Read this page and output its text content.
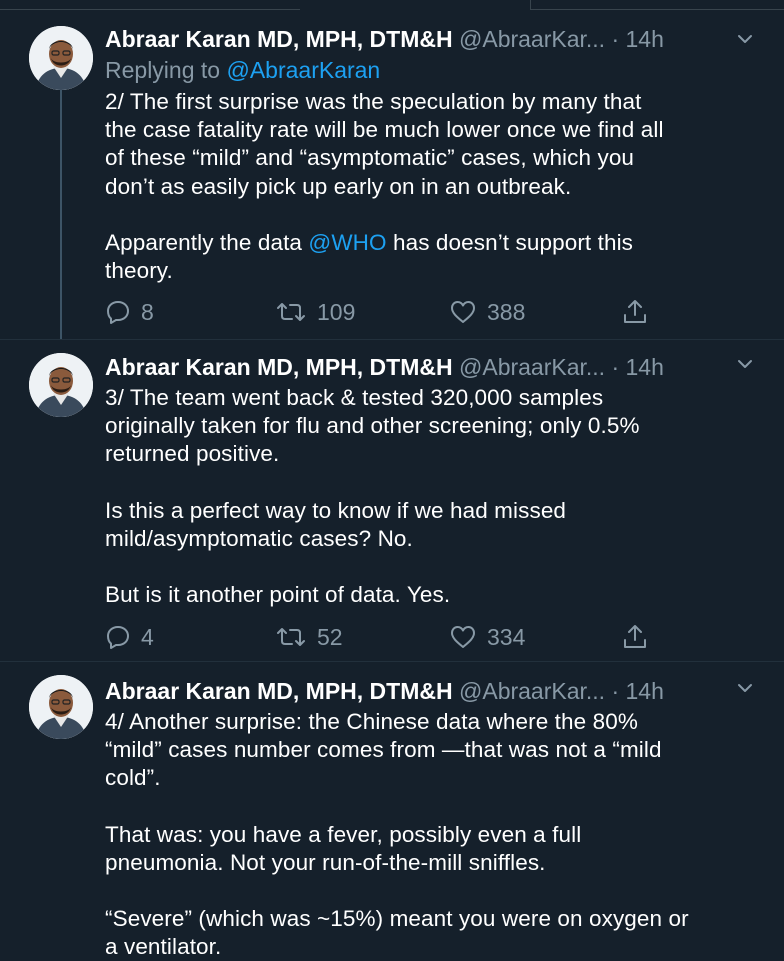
Abraar Karan MD, MPH, DTM&H @AbraarKar... · 14h
Replying to @AbraarKaran

2/ The first surprise was the speculation by many that

the case fatality rate will be much lower once we find all

of these “mild” and “asymptomatic” cases, which you

don’t as easily pick up early on in an outbreak.

Apparently the data @WHO has doesn’t support this

theory.

8	109	388
Abraar Karan MD, MPH, DTM&H @AbraarKar... · 14h

3/ The team went back & tested 320,000 samples

originally taken for flu and other screening; only 0.5%

returned positive.

Is this a perfect way to know if we had missed

mild/asymptomatic cases? No.

But is it another point of data. Yes.

4	52	334
Abraar Karan MD, MPH, DTM&H @AbraarKar... · 14h

4/ Another surprise: the Chinese data where the 80%

“mild” cases number comes from —that was not a “mild

cold”.

That was: you have a fever, possibly even a full

pneumonia. Not your run-of-the-mill sniffles.

“Severe” (which was ~15%) meant you were on oxygen or

a ventilator.
